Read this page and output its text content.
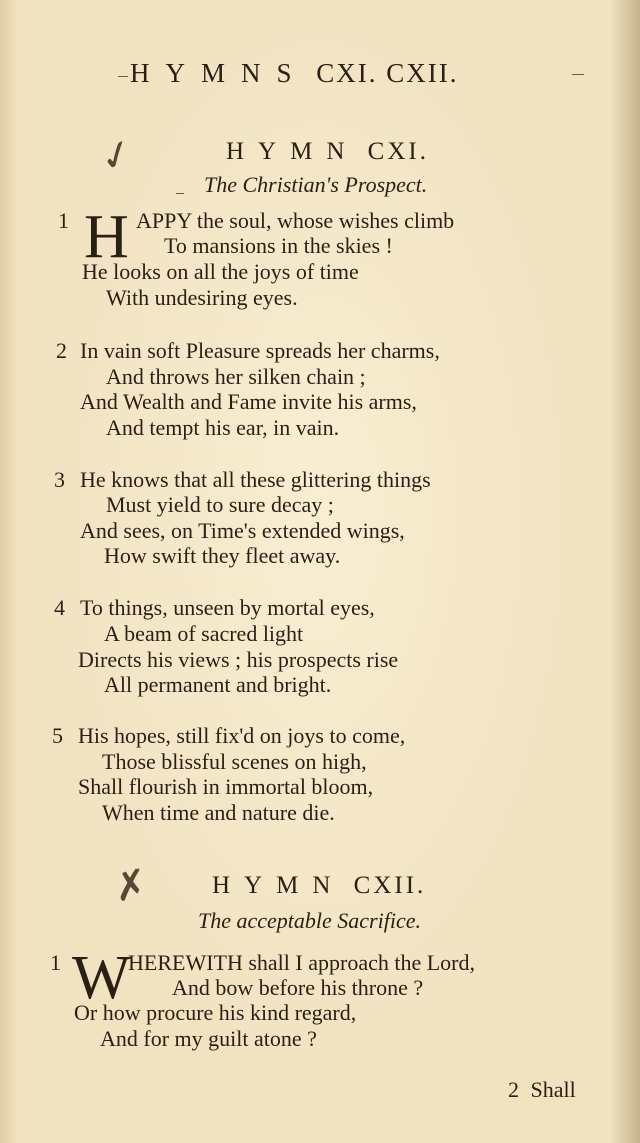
HYMNS CXI. CXII.
✓	HYMN CXI.
The Christian's Prospect.
1 H APPY the soul, whose wishes climb
To mansions in the skies !
He looks on all the joys of time
With undesiring eyes.
2 In vain soft Pleasure spreads her charms,
And throws her silken chain ;
And Wealth and Fame invite his arms,
And tempt his ear, in vain.
3 He knows that all these glittering things
Must yield to sure decay ;
And sees, on Time's extended wings,
How swift they fleet away.
4 To things, unseen by mortal eyes,
A beam of sacred light
Directs his views ; his prospects rise
All permanent and bright.
5 His hopes, still fix'd on joys to come,
Those blissful scenes on high,
Shall flourish in immortal bloom,
When time and nature die.
✗ HYMN CXII.
The acceptable Sacrifice.
1 W
HEREWITH shall I approach the Lord,
And bow before his throne ?
Or how procure his kind regard,
And for my guilt atone ?
2 Shall
